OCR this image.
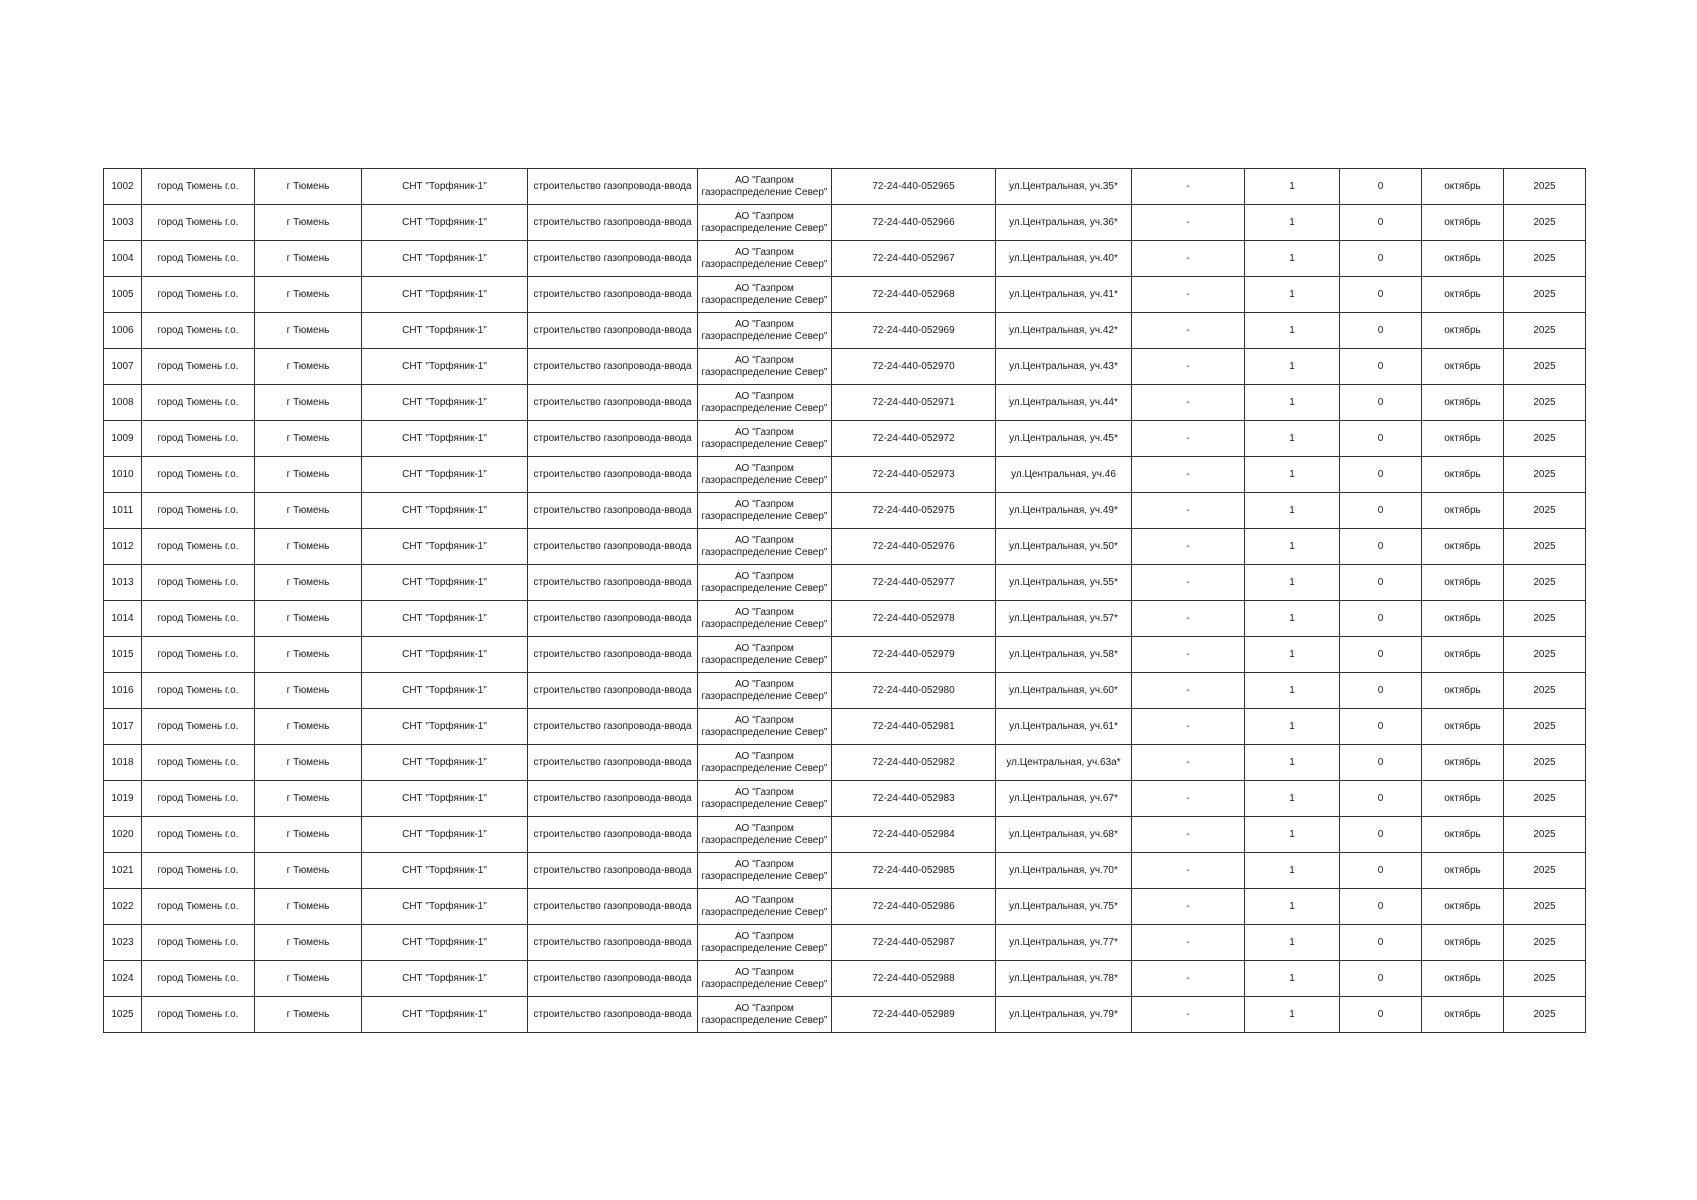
1002	город Тюмень г.о.	г Тюмень	СНТ "Торфяник-1"	строительство газопровода-ввода	АО "Газпром газораспределение Север"	72-24-440-052965	ул.Центральная, уч.35*	-	1	0	октябрь	2025
1003	город Тюмень г.о.	г Тюмень	СНТ "Торфяник-1"	строительство газопровода-ввода	АО "Газпром газораспределение Север"	72-24-440-052966	ул.Центральная, уч.36*	-	1	0	октябрь	2025
1004	город Тюмень г.о.	г Тюмень	СНТ "Торфяник-1"	строительство газопровода-ввода	АО "Газпром газораспределение Север"	72-24-440-052967	ул.Центральная, уч.40*	-	1	0	октябрь	2025
1005	город Тюмень г.о.	г Тюмень	СНТ "Торфяник-1"	строительство газопровода-ввода	АО "Газпром газораспределение Север"	72-24-440-052968	ул.Центральная, уч.41*	-	1	0	октябрь	2025
1006	город Тюмень г.о.	г Тюмень	СНТ "Торфяник-1"	строительство газопровода-ввода	АО "Газпром газораспределение Север"	72-24-440-052969	ул.Центральная, уч.42*	-	1	0	октябрь	2025
1007	город Тюмень г.о.	г Тюмень	СНТ "Торфяник-1"	строительство газопровода-ввода	АО "Газпром газораспределение Север"	72-24-440-052970	ул.Центральная, уч.43*	-	1	0	октябрь	2025
1008	город Тюмень г.о.	г Тюмень	СНТ "Торфяник-1"	строительство газопровода-ввода	АО "Газпром газораспределение Север"	72-24-440-052971	ул.Центральная, уч.44*	-	1	0	октябрь	2025
1009	город Тюмень г.о.	г Тюмень	СНТ "Торфяник-1"	строительство газопровода-ввода	АО "Газпром газораспределение Север"	72-24-440-052972	ул.Центральная, уч.45*	-	1	0	октябрь	2025
1010	город Тюмень г.о.	г Тюмень	СНТ "Торфяник-1"	строительство газопровода-ввода	АО "Газпром газораспределение Север"	72-24-440-052973	ул.Центральная, уч.46	-	1	0	октябрь	2025
1011	город Тюмень г.о.	г Тюмень	СНТ "Торфяник-1"	строительство газопровода-ввода	АО "Газпром газораспределение Север"	72-24-440-052975	ул.Центральная, уч.49*	-	1	0	октябрь	2025
1012	город Тюмень г.о.	г Тюмень	СНТ "Торфяник-1"	строительство газопровода-ввода	АО "Газпром газораспределение Север"	72-24-440-052976	ул.Центральная, уч.50*	-	1	0	октябрь	2025
1013	город Тюмень г.о.	г Тюмень	СНТ "Торфяник-1"	строительство газопровода-ввода	АО "Газпром газораспределение Север"	72-24-440-052977	ул.Центральная, уч.55*	-	1	0	октябрь	2025
1014	город Тюмень г.о.	г Тюмень	СНТ "Торфяник-1"	строительство газопровода-ввода	АО "Газпром газораспределение Север"	72-24-440-052978	ул.Центральная, уч.57*	-	1	0	октябрь	2025
1015	город Тюмень г.о.	г Тюмень	СНТ "Торфяник-1"	строительство газопровода-ввода	АО "Газпром газораспределение Север"	72-24-440-052979	ул.Центральная, уч.58*	-	1	0	октябрь	2025
1016	город Тюмень г.о.	г Тюмень	СНТ "Торфяник-1"	строительство газопровода-ввода	АО "Газпром газораспределение Север"	72-24-440-052980	ул.Центральная, уч.60*	-	1	0	октябрь	2025
1017	город Тюмень г.о.	г Тюмень	СНТ "Торфяник-1"	строительство газопровода-ввода	АО "Газпром газораспределение Север"	72-24-440-052981	ул.Центральная, уч.61*	-	1	0	октябрь	2025
1018	город Тюмень г.о.	г Тюмень	СНТ "Торфяник-1"	строительство газопровода-ввода	АО "Газпром газораспределение Север"	72-24-440-052982	ул.Центральная, уч.63а*	-	1	0	октябрь	2025
1019	город Тюмень г.о.	г Тюмень	СНТ "Торфяник-1"	строительство газопровода-ввода	АО "Газпром газораспределение Север"	72-24-440-052983	ул.Центральная, уч.67*	-	1	0	октябрь	2025
1020	город Тюмень г.о.	г Тюмень	СНТ "Торфяник-1"	строительство газопровода-ввода	АО "Газпром газораспределение Север"	72-24-440-052984	ул.Центральная, уч.68*	-	1	0	октябрь	2025
1021	город Тюмень г.о.	г Тюмень	СНТ "Торфяник-1"	строительство газопровода-ввода	АО "Газпром газораспределение Север"	72-24-440-052985	ул.Центральная, уч.70*	-	1	0	октябрь	2025
1022	город Тюмень г.о.	г Тюмень	СНТ "Торфяник-1"	строительство газопровода-ввода	АО "Газпром газораспределение Север"	72-24-440-052986	ул.Центральная, уч.75*	-	1	0	октябрь	2025
1023	город Тюмень г.о.	г Тюмень	СНТ "Торфяник-1"	строительство газопровода-ввода	АО "Газпром газораспределение Север"	72-24-440-052987	ул.Центральная, уч.77*	-	1	0	октябрь	2025
1024	город Тюмень г.о.	г Тюмень	СНТ "Торфяник-1"	строительство газопровода-ввода	АО "Газпром газораспределение Север"	72-24-440-052988	ул.Центральная, уч.78*	-	1	0	октябрь	2025
1025	город Тюмень г.о.	г Тюмень	СНТ "Торфяник-1"	строительство газопровода-ввода	АО "Газпром газораспределение Север"	72-24-440-052989	ул.Центральная, уч.79*	-	1	0	октябрь	2025
